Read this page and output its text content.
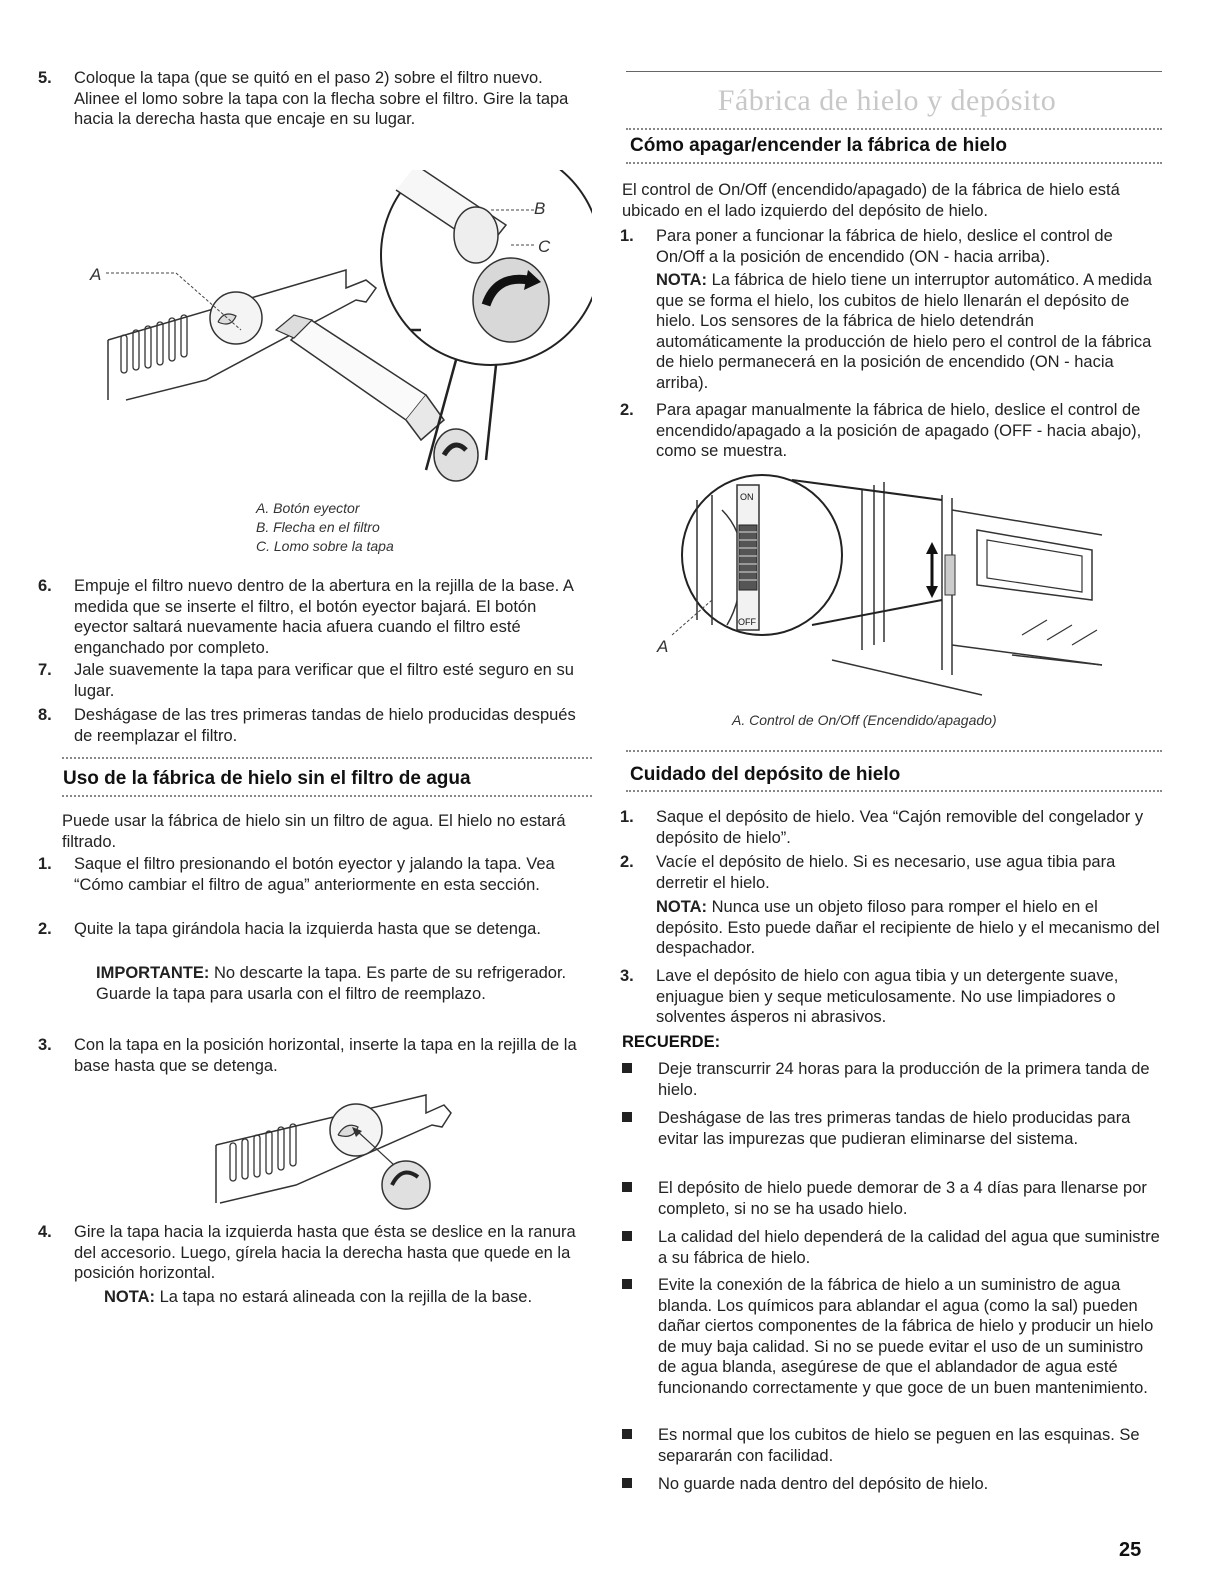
5. Coloque la tapa (que se quitó en el paso 2) sobre el filtro nuevo. Alinee el lomo sobre la tapa con la flecha sobre el filtro. Gire la tapa hacia la derecha hasta que encaje en su lugar.
A
B
C
A. Botón eyector
B. Flecha en el filtro
C. Lomo sobre la tapa
6. Empuje el filtro nuevo dentro de la abertura en la rejilla de la base. A medida que se inserte el filtro, el botón eyector bajará. El botón eyector saltará nuevamente hacia afuera cuando el filtro esté enganchado por completo.
7. Jale suavemente la tapa para verificar que el filtro esté seguro en su lugar.
8. Deshágase de las tres primeras tandas de hielo producidas después de reemplazar el filtro.
Uso de la fábrica de hielo sin el filtro de agua
Puede usar la fábrica de hielo sin un filtro de agua. El hielo no estará filtrado.
1. Saque el filtro presionando el botón eyector y jalando la tapa. Vea “Cómo cambiar el filtro de agua” anteriormente en esta sección.
2. Quite la tapa girándola hacia la izquierda hasta que se detenga.
IMPORTANTE: No descarte la tapa. Es parte de su refrigerador. Guarde la tapa para usarla con el filtro de reemplazo.
3. Con la tapa en la posición horizontal, inserte la tapa en la rejilla de la base hasta que se detenga.
4. Gire la tapa hacia la izquierda hasta que ésta se deslice en la ranura del accesorio. Luego, gírela hacia la derecha hasta que quede en la posición horizontal.
NOTA: La tapa no estará alineada con la rejilla de la base.
Fábrica de hielo y depósito
Cómo apagar/encender la fábrica de hielo
El control de On/Off (encendido/apagado) de la fábrica de hielo está ubicado en el lado izquierdo del depósito de hielo.
1. Para poner a funcionar la fábrica de hielo, deslice el control de On/Off a la posición de encendido (ON - hacia arriba).
NOTA: La fábrica de hielo tiene un interruptor automático. A medida que se forma el hielo, los cubitos de hielo llenarán el depósito de hielo. Los sensores de la fábrica de hielo detendrán automáticamente la producción de hielo pero el control de la fábrica de hielo permanecerá en la posición de encendido (ON - hacia arriba).
2. Para apagar manualmente la fábrica de hielo, deslice el control de encendido/apagado a la posición de apagado (OFF - hacia abajo), como se muestra.
ON
OFF
A
A. Control de On/Off (Encendido/apagado)
Cuidado del depósito de hielo
1. Saque el depósito de hielo. Vea “Cajón removible del congelador y depósito de hielo”.
2. Vacíe el depósito de hielo. Si es necesario, use agua tibia para derretir el hielo.
NOTA: Nunca use un objeto filoso para romper el hielo en el depósito. Esto puede dañar el recipiente de hielo y el mecanismo del despachador.
3. Lave el depósito de hielo con agua tibia y un detergente suave, enjuague bien y seque meticulosamente. No use limpiadores o solventes ásperos ni abrasivos.
RECUERDE:
Deje transcurrir 24 horas para la producción de la primera tanda de hielo.
Deshágase de las tres primeras tandas de hielo producidas para evitar las impurezas que pudieran eliminarse del sistema.
El depósito de hielo puede demorar de 3 a 4 días para llenarse por completo, si no se ha usado hielo.
La calidad del hielo dependerá de la calidad del agua que suministre a su fábrica de hielo.
Evite la conexión de la fábrica de hielo a un suministro de agua blanda. Los químicos para ablandar el agua (como la sal) pueden dañar ciertos componentes de la fábrica de hielo y producir un hielo de muy baja calidad. Si no se puede evitar el uso de un suministro de agua blanda, asegúrese de que el ablandador de agua esté funcionando correctamente y que goce de un buen mantenimiento.
Es normal que los cubitos de hielo se peguen en las esquinas. Se separarán con facilidad.
No guarde nada dentro del depósito de hielo.
25
